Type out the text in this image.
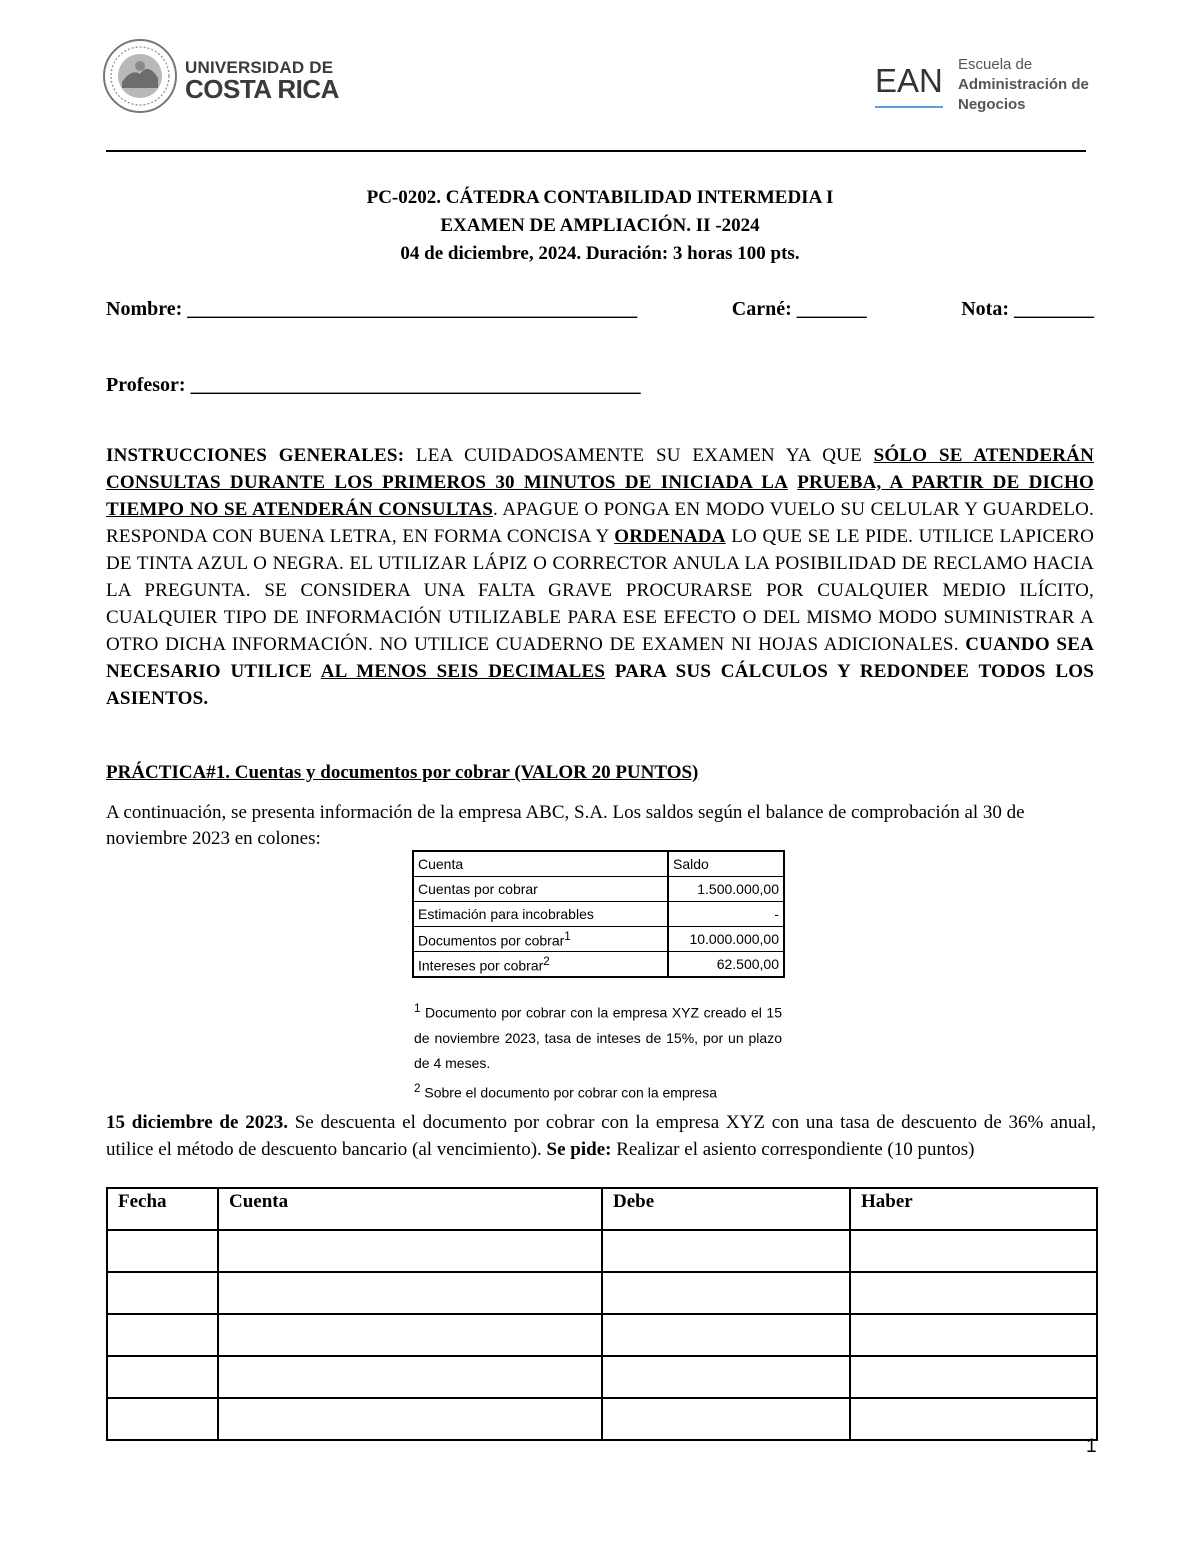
UNIVERSIDAD DE
COSTA RICA	EAN Escuela de
Administración de
Negocios
PC-0202. CÁTEDRA CONTABILIDAD INTERMEDIA I
EXAMEN DE AMPLIACIÓN. II -2024
04 de diciembre, 2024. Duración: 3 horas 100 pts.
Nombre: _____________________________________________	Carné: _______	Nota: ________
Profesor: _____________________________________________
INSTRUCCIONES GENERALES: LEA CUIDADOSAMENTE SU EXAMEN YA QUE SÓLO SE ATENDERÁN CONSULTAS DURANTE LOS PRIMEROS 30 MINUTOS DE INICIADA LA PRUEBA, A PARTIR DE DICHO TIEMPO NO SE ATENDERÁN CONSULTAS. APAGUE O PONGA EN MODO VUELO SU CELULAR Y GUARDELO. RESPONDA CON BUENA LETRA, EN FORMA CONCISA Y ORDENADA LO QUE SE LE PIDE. UTILICE LAPICERO DE TINTA AZUL O NEGRA. EL UTILIZAR LÁPIZ O CORRECTOR ANULA LA POSIBILIDAD DE RECLAMO HACIA LA PREGUNTA. SE CONSIDERA UNA FALTA GRAVE PROCURARSE POR CUALQUIER MEDIO ILÍCITO, CUALQUIER TIPO DE INFORMACIÓN UTILIZABLE PARA ESE EFECTO O DEL MISMO MODO SUMINISTRAR A OTRO DICHA INFORMACIÓN. NO UTILICE CUADERNO DE EXAMEN NI HOJAS ADICIONALES. CUANDO SEA NECESARIO UTILICE AL MENOS SEIS DECIMALES PARA SUS CÁLCULOS Y REDONDEE TODOS LOS ASIENTOS.
PRÁCTICA#1. Cuentas y documentos por cobrar (VALOR 20 PUNTOS)
A continuación, se presenta información de la empresa ABC, S.A. Los saldos según el balance de comprobación al 30 de noviembre 2023 en colones:
Cuenta	Saldo
Cuentas por cobrar	1.500.000,00
Estimación para incobrables	-
Documentos por cobrar$^1$	10.000.000,00
Intereses por cobrar$^2$	62.500,00
$^1$ Documento por cobrar con la empresa XYZ creado el 15 de noviembre 2023, tasa de inteses de 15%, por un plazo de 4 meses.
$^2$ Sobre el documento por cobrar con la empresa
15 diciembre de 2023. Se descuenta el documento por cobrar con la empresa XYZ con una tasa de descuento de 36% anual, utilice el método de descuento bancario (al vencimiento). Se pide: Realizar el asiento correspondiente (10 puntos)
Fecha	Cuenta	Debe	Haber

1
